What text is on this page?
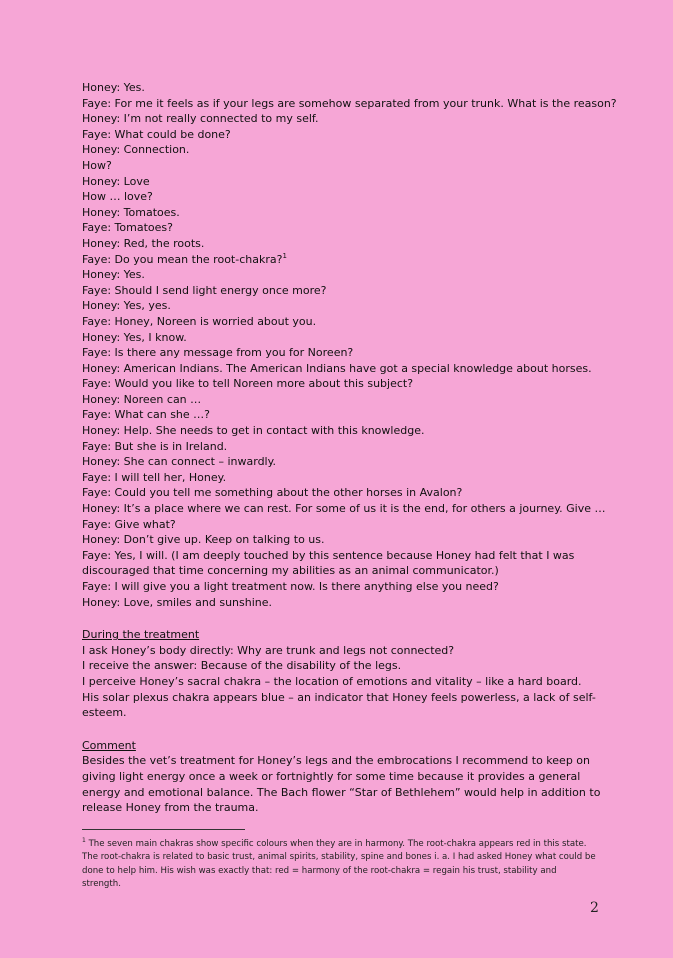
Honey: Yes.
Faye: For me it feels as if your legs are somehow separated from your trunk. What is the reason?
Honey: I’m not really connected to my self.
Faye: What could be done?
Honey: Connection.
How?
Honey: Love
How … love?
Honey: Tomatoes.
Faye: Tomatoes?
Honey: Red, the roots.
Faye: Do you mean the root-chakra?$^1$
Honey: Yes.
Faye: Should I send light energy once more?
Honey: Yes, yes.
Faye: Honey, Noreen is worried about you.
Honey: Yes, I know.
Faye: Is there any message from you for Noreen?
Honey: American Indians. The American Indians have got a special knowledge about horses.
Faye: Would you like to tell Noreen more about this subject?
Honey: Noreen can …
Faye: What can she …?
Honey: Help. She needs to get in contact with this knowledge.
Faye: But she is in Ireland.
Honey: She can connect – inwardly.
Faye: I will tell her, Honey.
Faye: Could you tell me something about the other horses in Avalon?
Honey: It’s a place where we can rest. For some of us it is the end, for others a journey. Give …
Faye: Give what?
Honey: Don’t give up. Keep on talking to us.
Faye: Yes, I will. (I am deeply touched by this sentence because Honey had felt that I was discouraged that time concerning my abilities as an animal communicator.)
Faye: I will give you a light treatment now. Is there anything else you need?
Honey: Love, smiles and sunshine.
During the treatment
I ask Honey’s body directly: Why are trunk and legs not connected?
I receive the answer: Because of the disability of the legs.
I perceive Honey’s sacral chakra – the location of emotions and vitality – like a hard board.
His solar plexus chakra appears blue – an indicator that Honey feels powerless, a lack of self-esteem.
Comment
Besides the vet’s treatment for Honey’s legs and the embrocations I recommend to keep on giving light energy once a week or fortnightly for some time because it provides a general energy and emotional balance. The Bach flower “Star of Bethlehem” would help in addition to release Honey from the trauma.
$^1$ The seven main chakras show specific colours when they are in harmony. The root-chakra appears red in this state. The root-chakra is related to basic trust, animal spirits, stability, spine and bones i. a. I had asked Honey what could be done to help him. His wish was exactly that: red = harmony of the root-chakra = regain his trust, stability and strength.
2
